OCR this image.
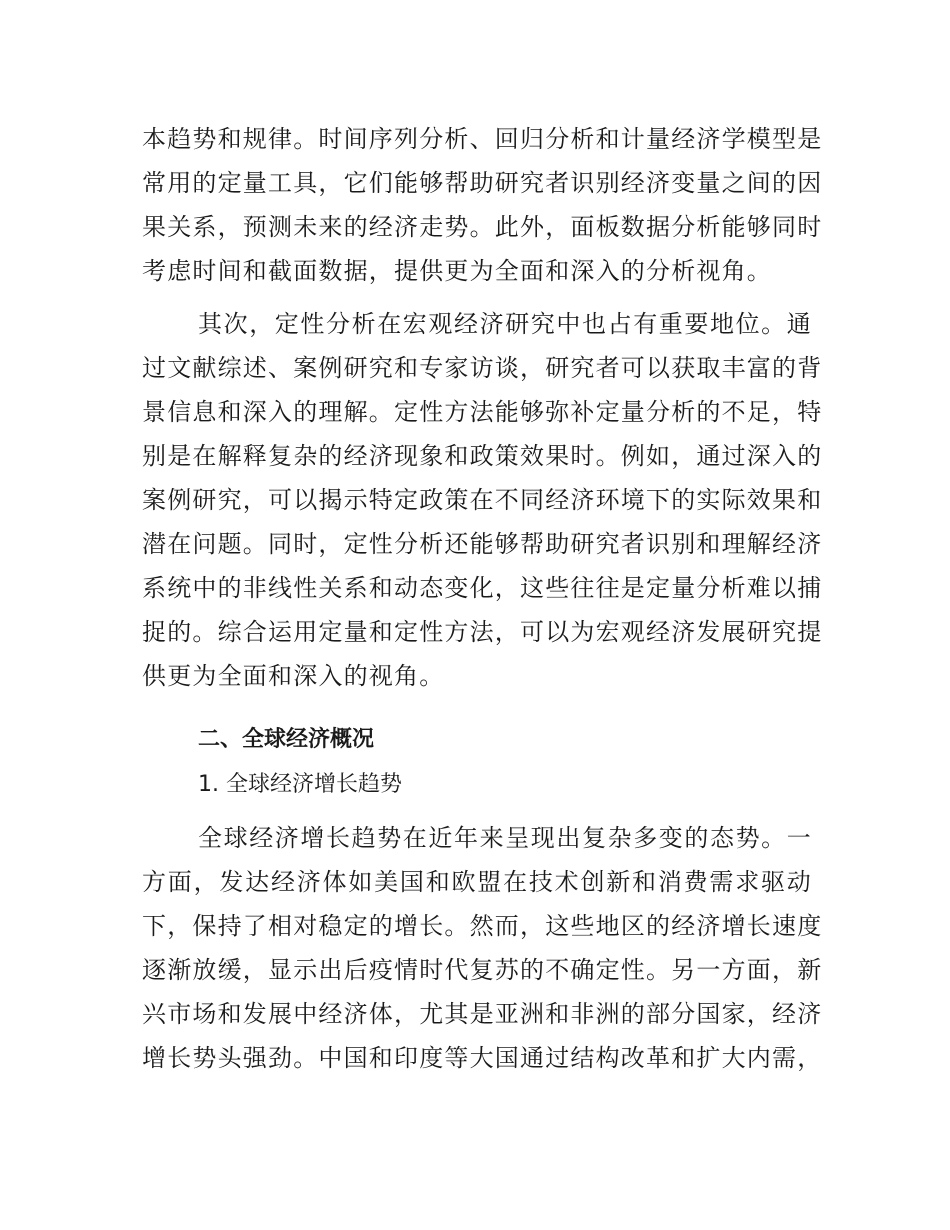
本趋势和规律。时间序列分析、回归分析和计量经济学模型是
常用的定量工具，它们能够帮助研究者识别经济变量之间的因
果关系，预测未来的经济走势。此外，面板数据分析能够同时
考虑时间和截面数据，提供更为全面和深入的分析视角。
其次，定性分析在宏观经济研究中也占有重要地位。通
过文献综述、案例研究和专家访谈，研究者可以获取丰富的背
景信息和深入的理解。定性方法能够弥补定量分析的不足，特
别是在解释复杂的经济现象和政策效果时。例如，通过深入的
案例研究，可以揭示特定政策在不同经济环境下的实际效果和
潜在问题。同时，定性分析还能够帮助研究者识别和理解经济
系统中的非线性关系和动态变化，这些往往是定量分析难以捕
捉的。综合运用定量和定性方法，可以为宏观经济发展研究提
供更为全面和深入的视角。
二、全球经济概况
1. 全球经济增长趋势
全球经济增长趋势在近年来呈现出复杂多变的态势。一
方面，发达经济体如美国和欧盟在技术创新和消费需求驱动
下，保持了相对稳定的增长。然而，这些地区的经济增长速度
逐渐放缓，显示出后疫情时代复苏的不确定性。另一方面，新
兴市场和发展中经济体，尤其是亚洲和非洲的部分国家，经济
增长势头强劲。中国和印度等大国通过结构改革和扩大内需，
